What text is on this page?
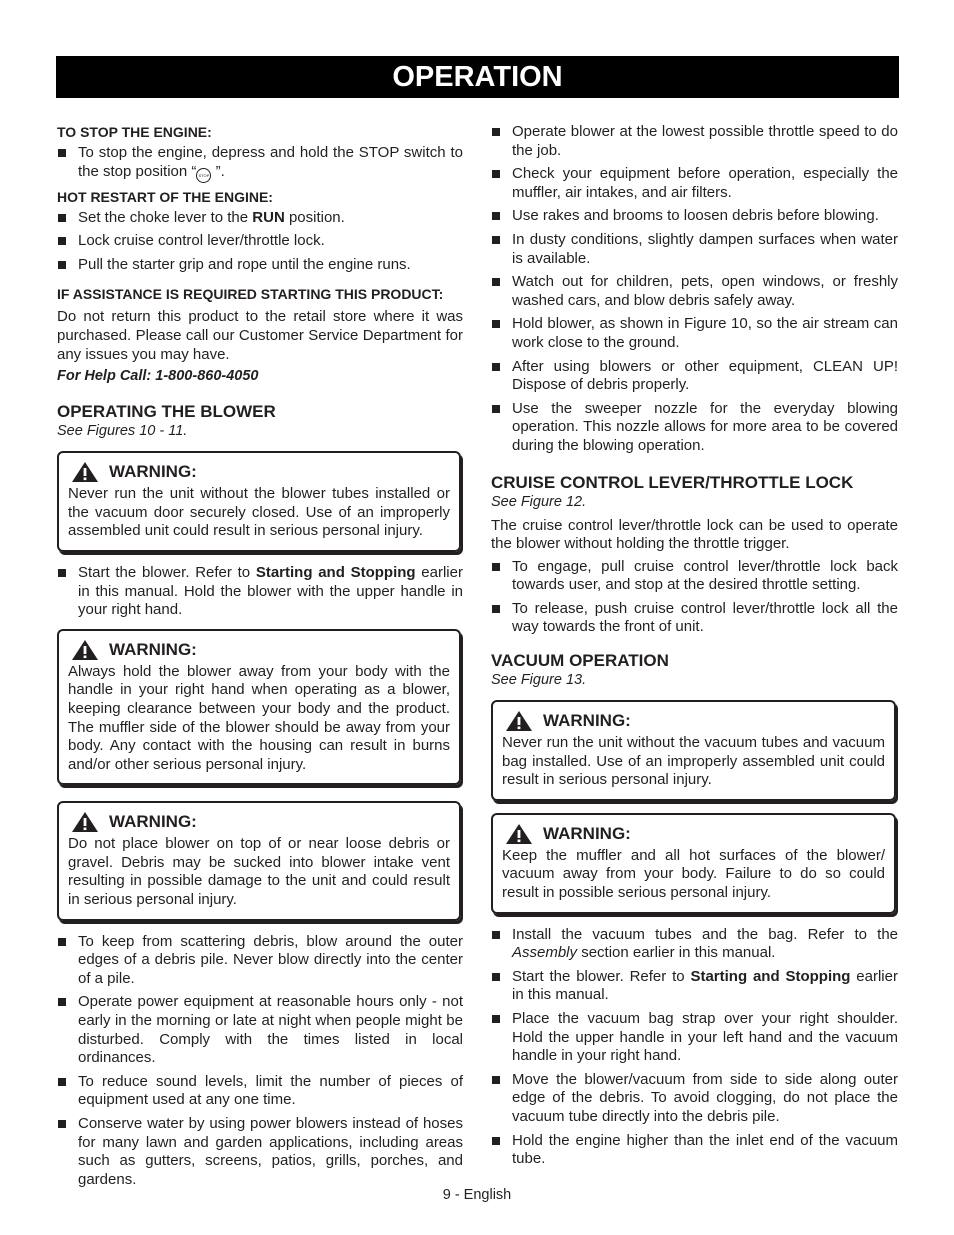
OPERATION
TO STOP THE ENGINE:
To stop the engine, depress and hold the STOP switch to the stop position “ STOP ”.
HOT RESTART OF THE ENGINE:
Set the choke lever to the RUN position.
Lock cruise control lever/throttle lock.
Pull the starter grip and rope until the engine runs.
IF ASSISTANCE IS REQUIRED STARTING THIS PRODUCT:

Do not return this product to the retail store where it was purchased. Please call our Customer Service Department for any issues you may have.

For Help Call: 1-800-860-4050
OPERATING THE BLOWER
See Figures 10 - 11.
WARNING:

Never run the unit without the blower tubes installed or the vacuum door securely closed. Use of an improperly assembled unit could result in serious personal injury.

Start the blower. Refer to Starting and Stopping earlier in this manual. Hold the blower with the upper handle in your right hand.
WARNING:

Always hold the blower away from your body with the handle in your right hand when operating as a blower, keeping clearance between your body and the product. The muffler side of the blower should be away from your body. Any contact with the housing can result in burns and/or other serious personal injury.

WARNING:

Do not place blower on top of or near loose debris or gravel. Debris may be sucked into blower intake vent resulting in possible damage to the unit and could result in serious personal injury.

To keep from scattering debris, blow around the outer edges of a debris pile. Never blow directly into the center of a pile.
Operate power equipment at reasonable hours only - not early in the morning or late at night when people might be disturbed. Comply with the times listed in local ordinances.
To reduce sound levels, limit the number of pieces of equipment used at any one time.
Conserve water by using power blowers instead of hoses for many lawn and garden applications, including areas such as gutters, screens, patios, grills, porches, and gardens.
Operate blower at the lowest possible throttle speed to do the job.
Check your equipment before operation, especially the muffler, air intakes, and air filters.
Use rakes and brooms to loosen debris before blowing.
In dusty conditions, slightly dampen surfaces when water is available.
Watch out for children, pets, open windows, or freshly washed cars, and blow debris safely away.
Hold blower, as shown in Figure 10, so the air stream can work close to the ground.
After using blowers or other equipment, CLEAN UP! Dispose of debris properly.
Use the sweeper nozzle for the everyday blowing operation. This nozzle allows for more area to be covered during the blowing operation.
CRUISE CONTROL LEVER/THROTTLE LOCK
See Figure 12.

The cruise control lever/throttle lock can be used to operate the blower without holding the throttle trigger.

To engage, pull cruise control lever/throttle lock back towards user, and stop at the desired throttle setting.
To release, push cruise control lever/throttle lock all the way towards the front of unit.
VACUUM OPERATION
See Figure 13.
WARNING:

Never run the unit without the vacuum tubes and vacuum bag installed. Use of an improperly assembled unit could result in serious personal injury.

WARNING:

Keep the muffler and all hot surfaces of the blower/ vacuum away from your body. Failure to do so could result in possible serious personal injury.

Install the vacuum tubes and the bag. Refer to the Assembly section earlier in this manual.
Start the blower. Refer to Starting and Stopping earlier in this manual.
Place the vacuum bag strap over your right shoulder. Hold the upper handle in your left hand and the vacuum handle in your right hand.
Move the blower/vacuum from side to side along outer edge of the debris. To avoid clogging, do not place the vacuum tube directly into the debris pile.
Hold the engine higher than the inlet end of the vacuum tube.
9 - English
